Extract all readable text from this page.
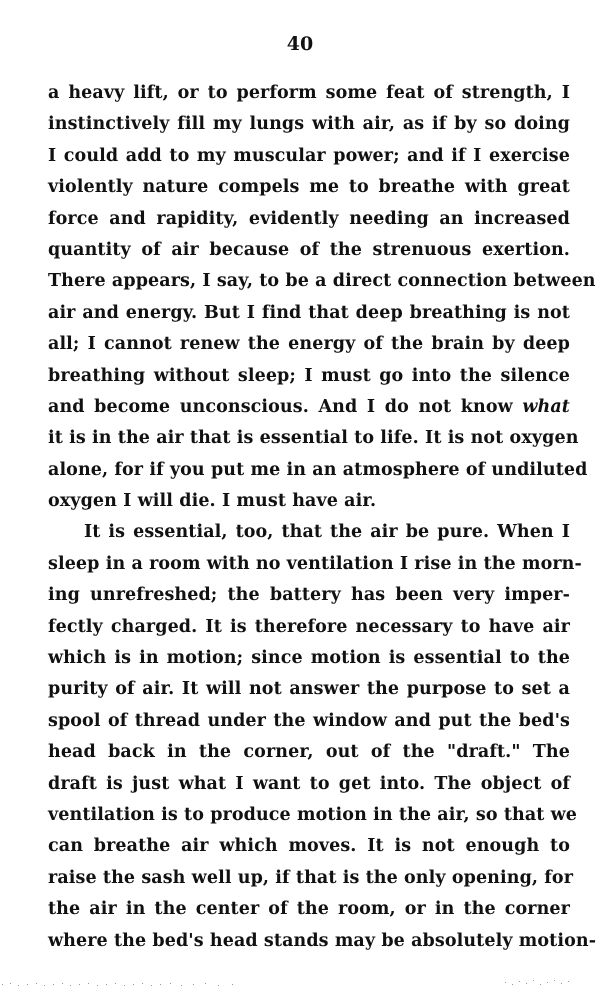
40
a heavy lift, or to perform some feat of strength, I
instinctively fill my lungs with air, as if by so doing
I could add to my muscular power; and if I exercise
violently nature compels me to breathe with great
force and rapidity, evidently needing an increased
quantity of air because of the strenuous exertion.
There appears, I say, to be a direct connection between
air and energy. But I find that deep breathing is not
all; I cannot renew the energy of the brain by deep
breathing without sleep; I must go into the silence
and become unconscious. And I do not know what
it is in the air that is essential to life. It is not oxygen
alone, for if you put me in an atmosphere of undiluted
oxygen I will die. I must have air.
It is essential, too, that the air be pure. When I
sleep in a room with no ventilation I rise in the morn-
ing unrefreshed; the battery has been very imper-
fectly charged. It is therefore necessary to have air
which is in motion; since motion is essential to the
purity of air. It will not answer the purpose to set a
spool of thread under the window and put the bed's
head back in the corner, out of the "draft." The
draft is just what I want to get into. The object of
ventilation is to produce motion in the air, so that we
can breathe air which moves. It is not enough to
raise the sash well up, if that is the only opening, for
the air in the center of the room, or in the corner
where the bed's head stands may be absolutely motion-
